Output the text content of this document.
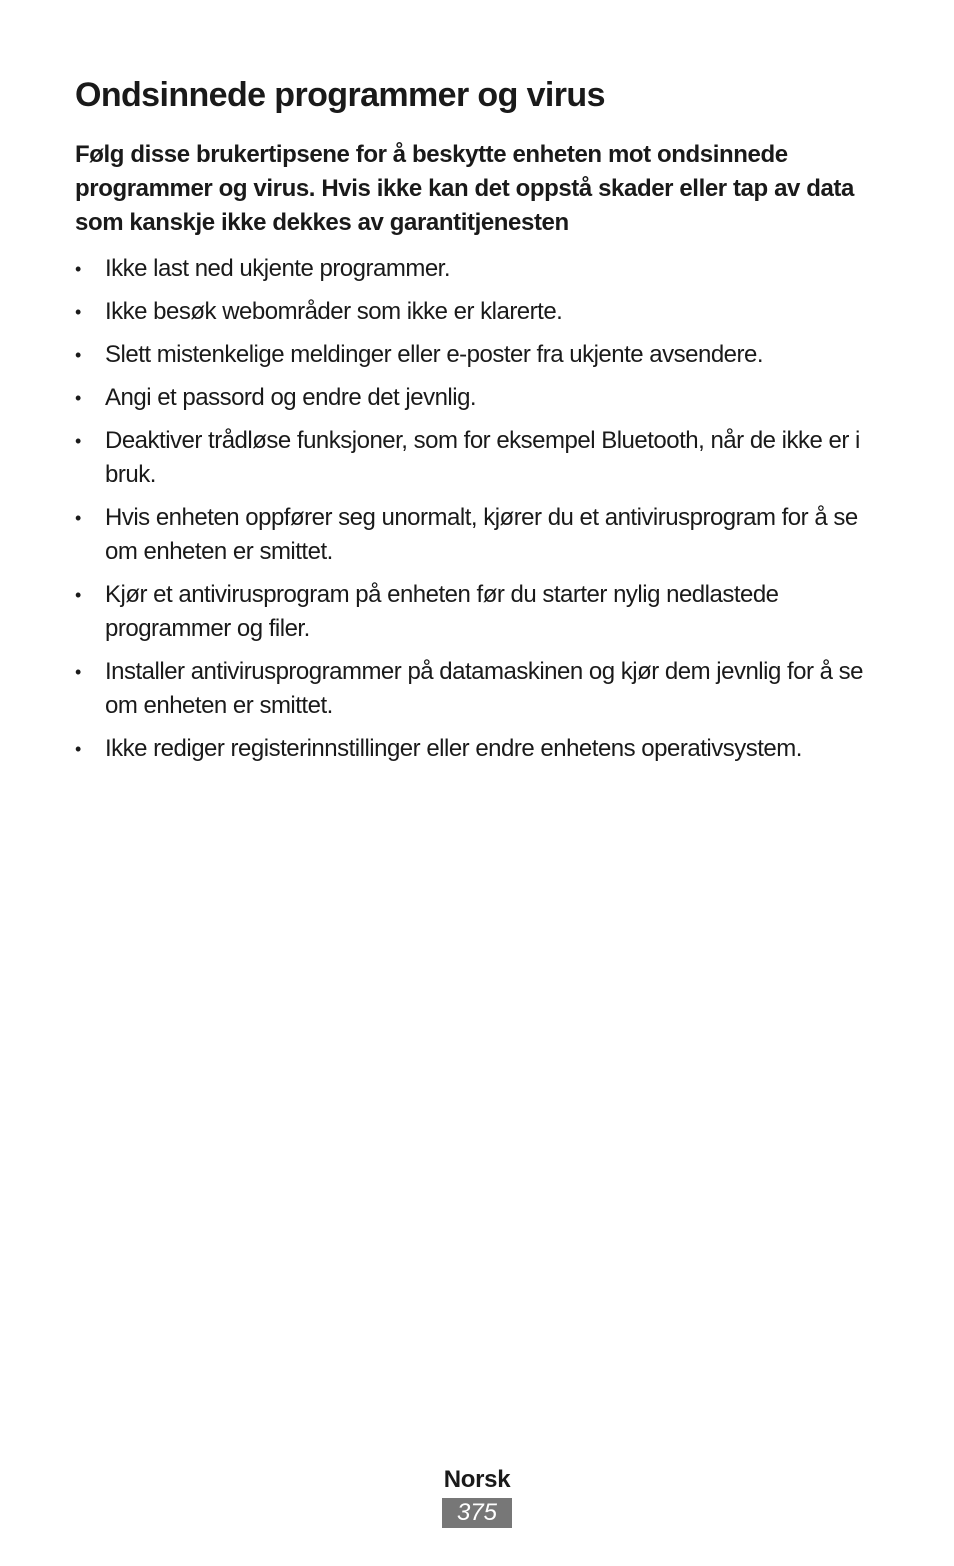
Ondsinnede programmer og virus

Følg disse brukertipsene for å beskytte enheten mot ondsinnede programmer og virus. Hvis ikke kan det oppstå skader eller tap av data som kanskje ikke dekkes av garantitjenesten

• Ikke last ned ukjente programmer.
• Ikke besøk webområder som ikke er klarerte.
• Slett mistenkelige meldinger eller e-poster fra ukjente avsendere.
• Angi et passord og endre det jevnlig.
• Deaktiver trådløse funksjoner, som for eksempel Bluetooth, når de ikke er i bruk.
• Hvis enheten oppfører seg unormalt, kjører du et antivirusprogram for å se om enheten er smittet.
• Kjør et antivirusprogram på enheten før du starter nylig nedlastede programmer og filer.
• Installer antivirusprogrammer på datamaskinen og kjør dem jevnlig for å se om enheten er smittet.
• Ikke rediger registerinnstillinger eller endre enhetens operativsystem.
Norsk
375
